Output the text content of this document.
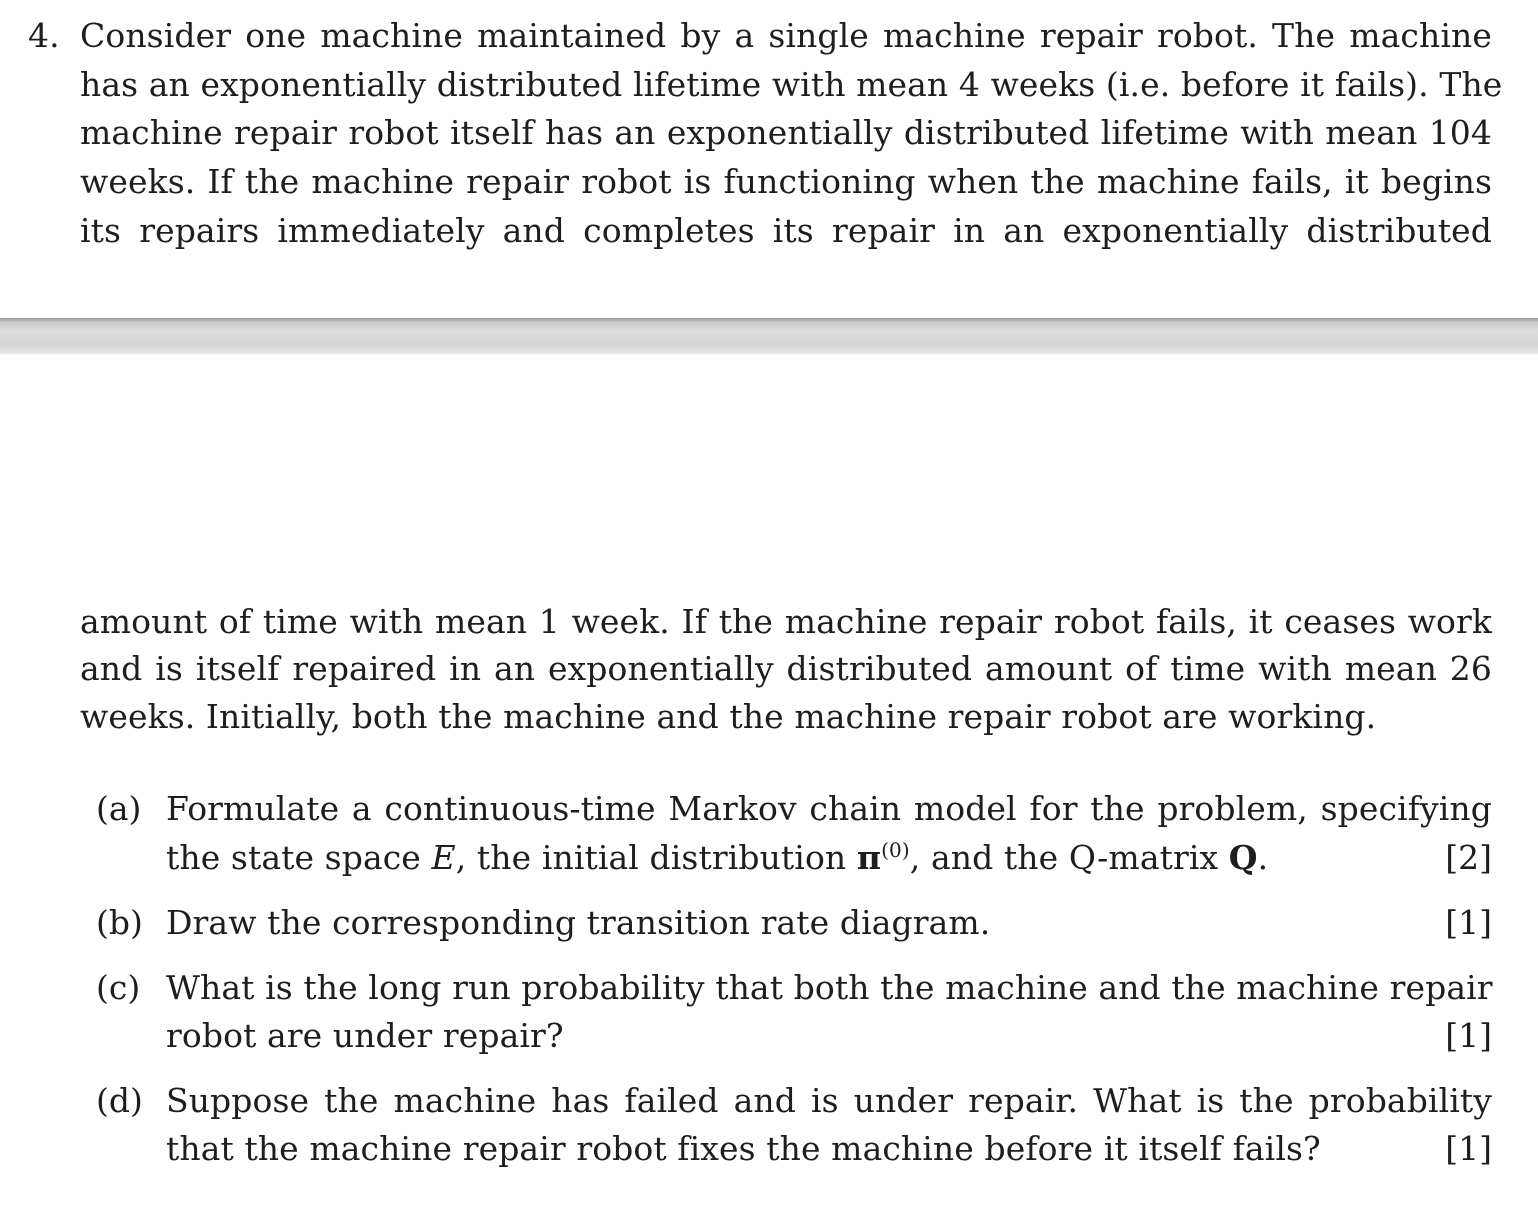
4. Consider one machine maintained by a single machine repair robot. The machine
has an exponentially distributed lifetime with mean 4 weeks (i.e. before it fails). The
machine repair robot itself has an exponentially distributed lifetime with mean 104
weeks. If the machine repair robot is functioning when the machine fails, it begins
its repairs immediately and completes its repair in an exponentially distributed
amount of time with mean 1 week. If the machine repair robot fails, it ceases work
and is itself repaired in an exponentially distributed amount of time with mean 26
weeks. Initially, both the machine and the machine repair robot are working.
(a) Formulate a continuous-time Markov chain model for the problem, specifying
the state space E, the initial distribution $\pi^{(0)}$, and the Q-matrix Q.	[2]
(b) Draw the corresponding transition rate diagram.	[1]
(c) What is the long run probability that both the machine and the machine repair
robot are under repair?	[1]
(d) Suppose the machine has failed and is under repair. What is the probability
that the machine repair robot fixes the machine before it itself fails?	[1]
